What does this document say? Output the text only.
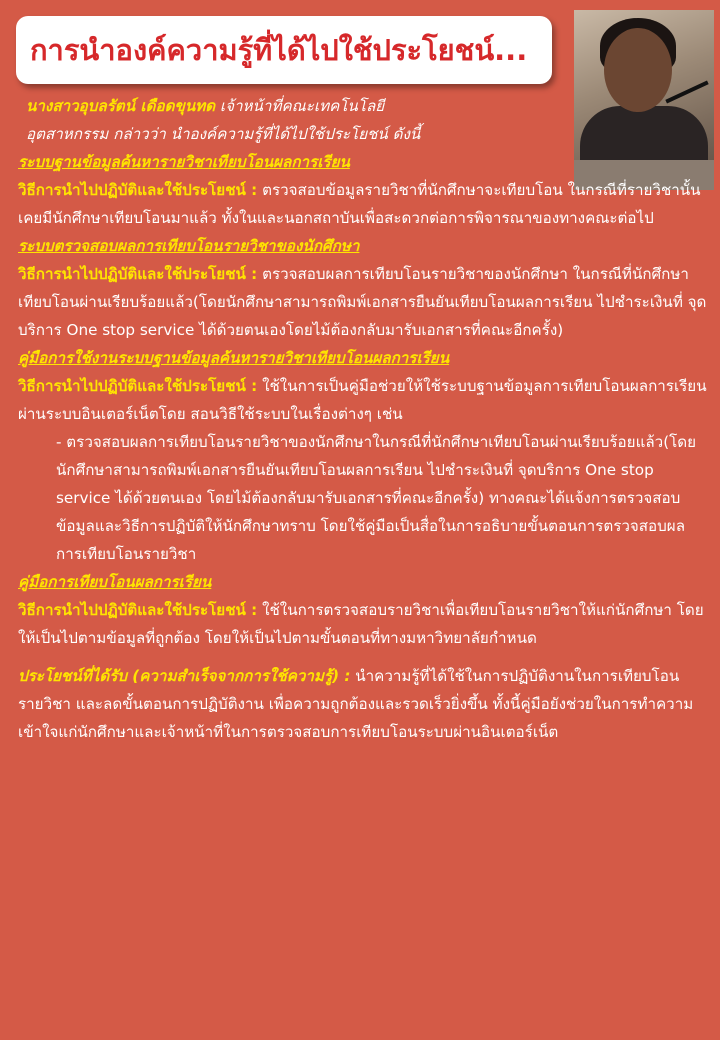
การนำองค์ความรู้ที่ได้ไปใช้ประโยชน์...

นางสาวอุบลรัตน์ เดือดขุนทด เจ้าหน้าที่คณะเทคโนโลยี

อุตสาหกรรม กล่าวว่า นำองค์ความรู้ที่ได้ไปใช้ประโยชน์ ดังนี้

ระบบฐานข้อมูลค้นหารายวิชาเทียบโอนผลการเรียน

วิธีการนำไปปฏิบัติและใช้ประโยชน์ : ตรวจสอบข้อมูลรายวิชาที่นักศึกษาจะเทียบโอน ในกรณีที่รายวิชานั้นเคยมีนักศึกษาเทียบโอนมาแล้ว ทั้งในและนอกสถาบันเพื่อสะดวกต่อการพิจารณาของทางคณะต่อไป

ระบบตรวจสอบผลการเทียบโอนรายวิชาของนักศึกษา

วิธีการนำไปปฏิบัติและใช้ประโยชน์ : ตรวจสอบผลการเทียบโอนรายวิชาของนักศึกษา ในกรณีที่นักศึกษาเทียบโอนผ่านเรียบร้อยแล้ว(โดยนักศึกษาสามารถพิมพ์เอกสารยืนยันเทียบโอนผลการเรียน ไปชำระเงินที่ จุดบริการ One stop service ได้ด้วยตนเองโดยไม้ต้องกลับมารับเอกสารที่คณะอีกครั้ง)

คู่มือการใช้งานระบบฐานข้อมูลค้นหารายวิชาเทียบโอนผลการเรียน

วิธีการนำไปปฏิบัติและใช้ประโยชน์ : ใช้ในการเป็นคู่มือช่วยให้ใช้ระบบฐานข้อมูลการเทียบโอนผลการเรียนผ่านระบบอินเตอร์เน็ตโดย สอนวิธีใช้ระบบในเรื่องต่างๆ เช่น

- ตรวจสอบผลการเทียบโอนรายวิชาของนักศึกษาในกรณีที่นักศึกษาเทียบโอนผ่านเรียบร้อยแล้ว(โดยนักศึกษาสามารถพิมพ์เอกสารยืนยันเทียบโอนผลการเรียน ไปชำระเงินที่ จุดบริการ One stop service ได้ด้วยตนเอง โดยไม้ต้องกลับมารับเอกสารที่คณะอีกครั้ง) ทางคณะได้แจ้งการตรวจสอบข้อมูลและวิธีการปฏิบัติให้นักศึกษาทราบ โดยใช้คู่มือเป็นสื่อในการอธิบายขั้นตอนการตรวจสอบผลการเทียบโอนรายวิชา

คู่มือการเทียบโอนผลการเรียน

วิธีการนำไปปฏิบัติและใช้ประโยชน์ : ใช้ในการตรวจสอบรายวิชาเพื่อเทียบโอนรายวิชาให้แก่นักศึกษา โดยให้เป็นไปตามข้อมูลที่ถูกต้อง โดยให้เป็นไปตามขั้นตอนที่ทางมหาวิทยาลัยกำหนด

ประโยชน์ที่ได้รับ (ความสำเร็จจากการใช้ความรู้) : นำความรู้ที่ได้ใช้ในการปฏิบัติงานในการเทียบโอนรายวิชา และลดขั้นตอนการปฏิบัติงาน เพื่อความถูกต้องและรวดเร็วยิ่งขึ้น ทั้งนี้คู่มือยังช่วยในการทำความเข้าใจแก่นักศึกษาและเจ้าหน้าที่ในการตรวจสอบการเทียบโอนระบบผ่านอินเตอร์เน็ต
